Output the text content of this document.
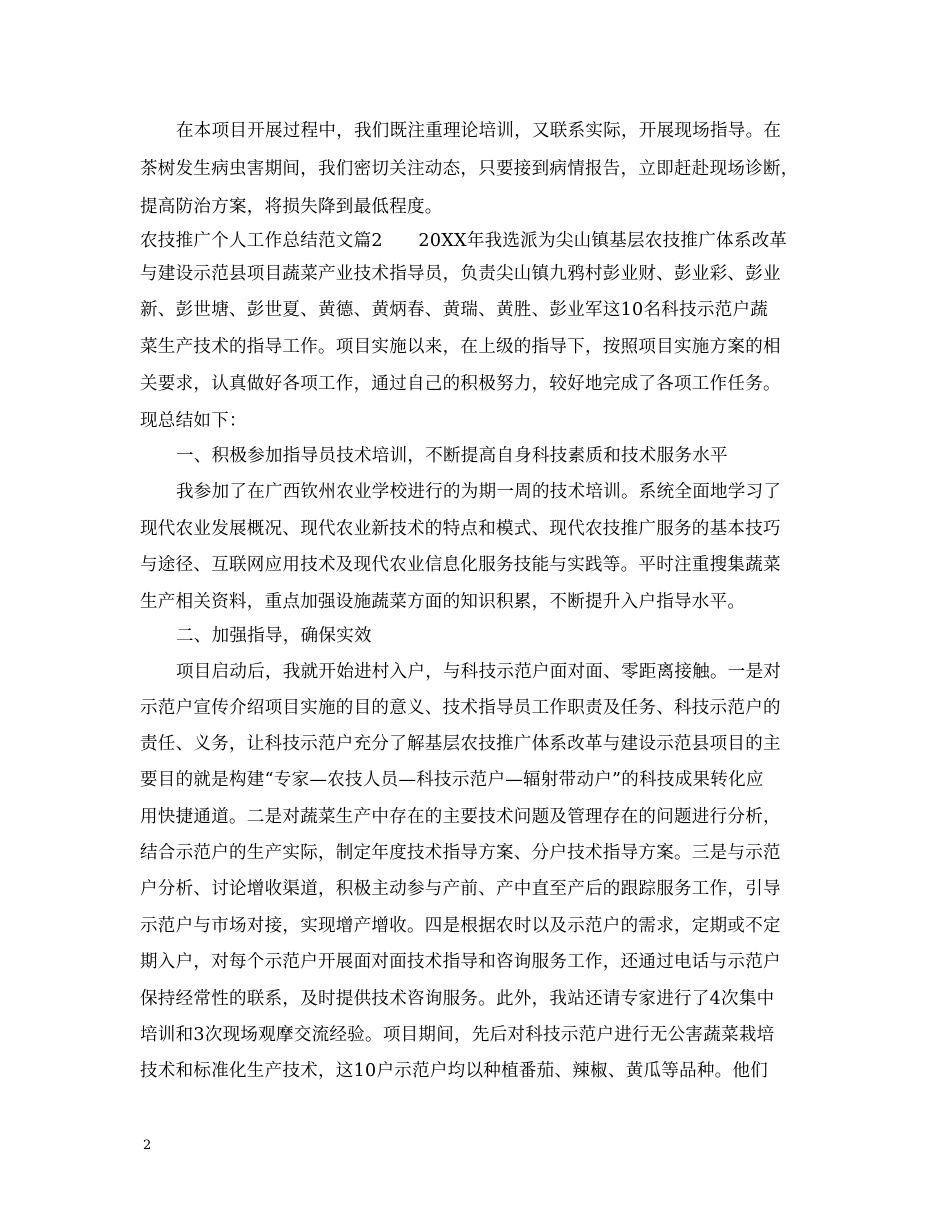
在本项目开展过程中，我们既注重理论培训，又联系实际，开展现场指导。在
茶树发生病虫害期间，我们密切关注动态，只要接到病情报告，立即赶赴现场诊断，
提高防治方案，将损失降到最低程度。
农技推广个人工作总结范文篇2　　20XX年我选派为尖山镇基层农技推广体系改革
与建设示范县项目蔬菜产业技术指导员，负责尖山镇九鸦村彭业财、彭业彩、彭业
新、彭世塘、彭世夏、黄德、黄炳春、黄瑞、黄胜、彭业军这10名科技示范户蔬
菜生产技术的指导工作。项目实施以来，在上级的指导下，按照项目实施方案的相
关要求，认真做好各项工作，通过自己的积极努力，较好地完成了各项工作任务。
现总结如下：
一、积极参加指导员技术培训，不断提高自身科技素质和技术服务水平
我参加了在广西钦州农业学校进行的为期一周的技术培训。系统全面地学习了
现代农业发展概况、现代农业新技术的特点和模式、现代农技推广服务的基本技巧
与途径、互联网应用技术及现代农业信息化服务技能与实践等。平时注重搜集蔬菜
生产相关资料，重点加强设施蔬菜方面的知识积累，不断提升入户指导水平。
二、加强指导，确保实效
项目启动后，我就开始进村入户，与科技示范户面对面、零距离接触。一是对
示范户宣传介绍项目实施的目的意义、技术指导员工作职责及任务、科技示范户的
责任、义务，让科技示范户充分了解基层农技推广体系改革与建设示范县项目的主
要目的就是构建“专家—农技人员—科技示范户—辐射带动户”的科技成果转化应
用快捷通道。二是对蔬菜生产中存在的主要技术问题及管理存在的问题进行分析，
结合示范户的生产实际，制定年度技术指导方案、分户技术指导方案。三是与示范
户分析、讨论增收渠道，积极主动参与产前、产中直至产后的跟踪服务工作，引导
示范户与市场对接，实现增产增收。四是根据农时以及示范户的需求，定期或不定
期入户，对每个示范户开展面对面技术指导和咨询服务工作，还通过电话与示范户
保持经常性的联系，及时提供技术咨询服务。此外，我站还请专家进行了4次集中
培训和3次现场观摩交流经验。项目期间，先后对科技示范户进行无公害蔬菜栽培
技术和标准化生产技术，这10户示范户均以种植番茄、辣椒、黄瓜等品种。他们
2
